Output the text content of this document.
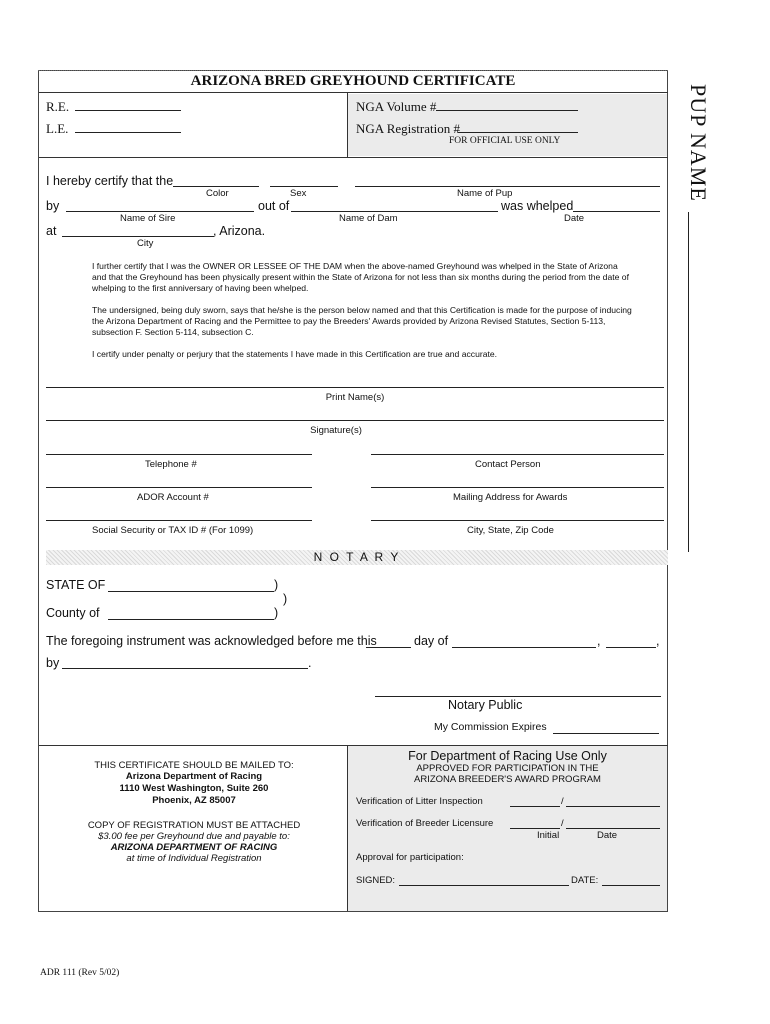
ARIZONA BRED GREYHOUND CERTIFICATE
R.E.
L.E.
NGA Volume #
NGA Registration #
FOR OFFICIAL USE ONLY	PUP NAME
I hereby certify that the
Color	Sex	Name of Pup
by	out of	was whelped
Name of Sire	Name of Dam	Date
at	, Arizona.
City
I further certify that I was the OWNER OR LESSEE OF THE DAM when the above-named Greyhound was whelped in the State of Arizona and that the Greyhound has been physically present within the State of Arizona for not less than six months during the period from the date of whelping to the first anniversary of having been whelped.
The undersigned, being duly sworn, says that he/she is the person below named and that this Certification is made for the purpose of inducing the Arizona Department of Racing and the Permittee to pay the Breeders' Awards provided by Arizona Revised Statutes, Section 5-113, subsection F. Section 5-114, subsection C.
I certify under penalty or perjury that the statements I have made in this Certification are true and accurate.
Print Name(s)
Signature(s)
Telephone #	Contact Person
ADOR Account #	Mailing Address for Awards
Social Security or TAX ID # (For 1099)	City, State, Zip Code
N O T A R Y
STATE OF	)
)
County of	)
The foregoing instrument was acknowledged before me this	day of	,	,
by	.
Notary Public
My Commission Expires
THIS CERTIFICATE SHOULD BE MAILED TO:
Arizona Department of Racing
1110 West Washington, Suite 260
Phoenix, AZ 85007
COPY OF REGISTRATION MUST BE ATTACHED
$3.00 fee per Greyhound due and payable to:
ARIZONA DEPARTMENT OF RACING
at time of Individual Registration
For Department of Racing Use Only
APPROVED FOR PARTICIPATION IN THE
ARIZONA BREEDER'S AWARD PROGRAM
Verification of Litter Inspection	/
Verification of Breeder Licensure	/
Initial	Date
Approval for participation:
SIGNED:	DATE:
ADR 111 (Rev 5/02)
